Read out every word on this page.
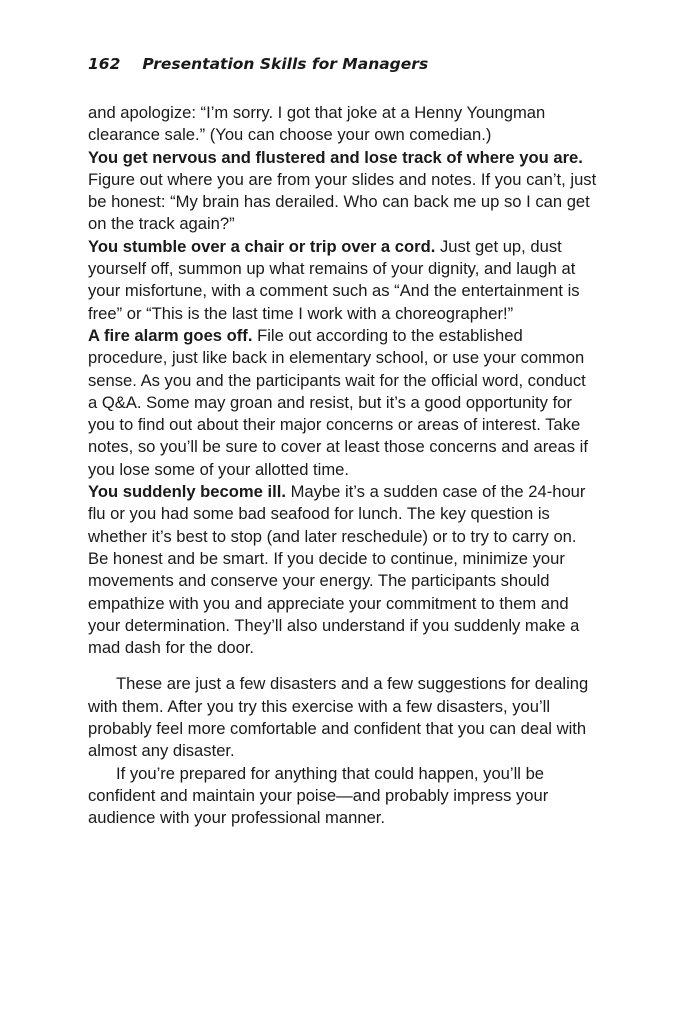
162 Presentation Skills for Managers

and apologize: “I’m sorry. I got that joke at a Henny Youngman clearance sale.” (You can choose your own comedian.)

You get nervous and flustered and lose track of where you are. Figure out where you are from your slides and notes. If you can’t, just be honest: “My brain has derailed. Who can back me up so I can get on the track again?”

You stumble over a chair or trip over a cord. Just get up, dust yourself off, summon up what remains of your dignity, and laugh at your misfortune, with a comment such as “And the entertainment is free” or “This is the last time I work with a choreographer!”

A fire alarm goes off. File out according to the established procedure, just like back in elementary school, or use your common sense. As you and the participants wait for the official word, conduct a Q&A. Some may groan and resist, but it’s a good opportunity for you to find out about their major concerns or areas of interest. Take notes, so you’ll be sure to cover at least those concerns and areas if you lose some of your allotted time.

You suddenly become ill. Maybe it’s a sudden case of the 24-hour flu or you had some bad seafood for lunch. The key question is whether it’s best to stop (and later reschedule) or to try to carry on. Be honest and be smart. If you decide to continue, minimize your movements and conserve your energy. The participants should empathize with you and appreciate your commitment to them and your determination. They’ll also understand if you suddenly make a mad dash for the door.

These are just a few disasters and a few suggestions for dealing with them. After you try this exercise with a few disasters, you’ll probably feel more comfortable and confident that you can deal with almost any disaster.

If you’re prepared for anything that could happen, you’ll be confident and maintain your poise—and probably impress your audience with your professional manner.
